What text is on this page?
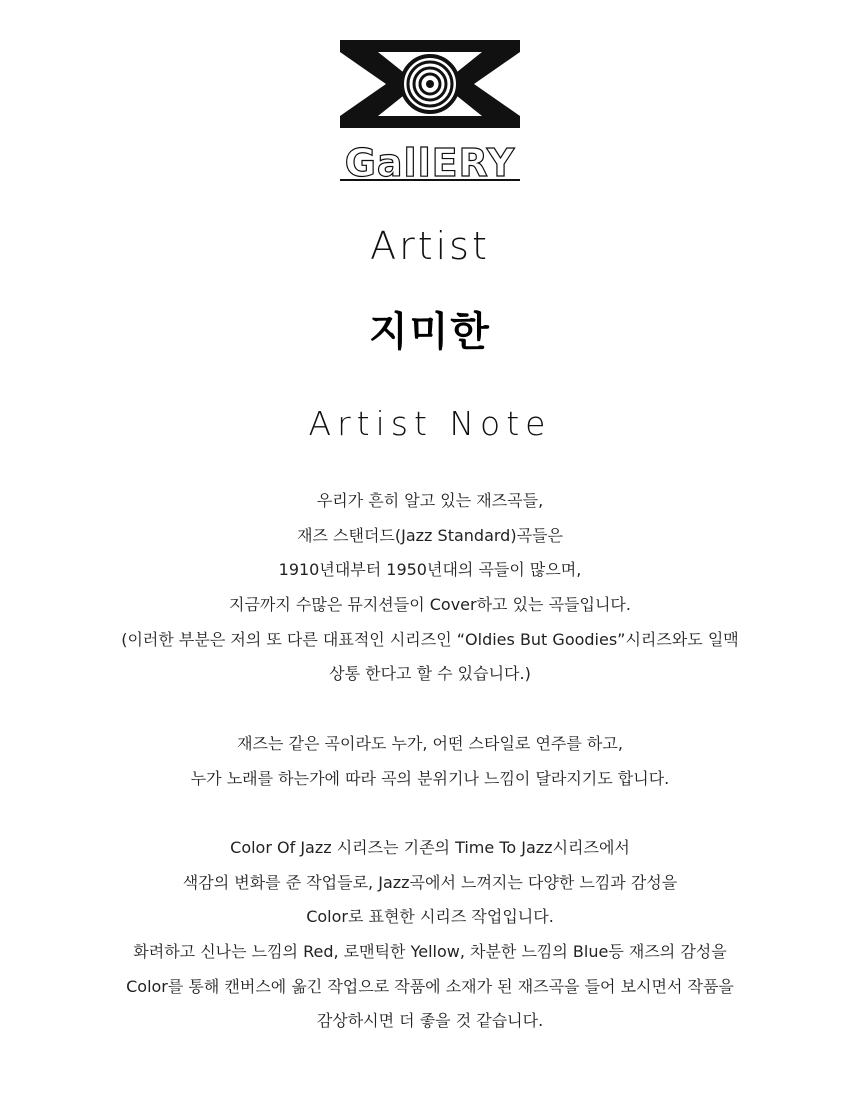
GallERY
Artist
지미한
Artist Note
우리가 흔히 알고 있는 재즈곡들,
재즈 스탠더드(Jazz Standard)곡들은
1910년대부터 1950년대의 곡들이 많으며,
지금까지 수많은 뮤지션들이 Cover하고 있는 곡들입니다.
(이러한 부분은 저의 또 다른 대표적인 시리즈인 “Oldies But Goodies”시리즈와도 일맥
상통 한다고 할 수 있습니다.)
재즈는 같은 곡이라도 누가, 어떤 스타일로 연주를 하고,
누가 노래를 하는가에 따라 곡의 분위기나 느낌이 달라지기도 합니다.
Color Of Jazz 시리즈는 기존의 Time To Jazz시리즈에서
색감의 변화를 준 작업들로, Jazz곡에서 느껴지는 다양한 느낌과 감성을
Color로 표현한 시리즈 작업입니다.
화려하고 신나는 느낌의 Red, 로맨틱한 Yellow, 차분한 느낌의 Blue등 재즈의 감성을
Color를 통해 캔버스에 옮긴 작업으로 작품에 소재가 된 재즈곡을 들어 보시면서 작품을
감상하시면 더 좋을 것 같습니다.
